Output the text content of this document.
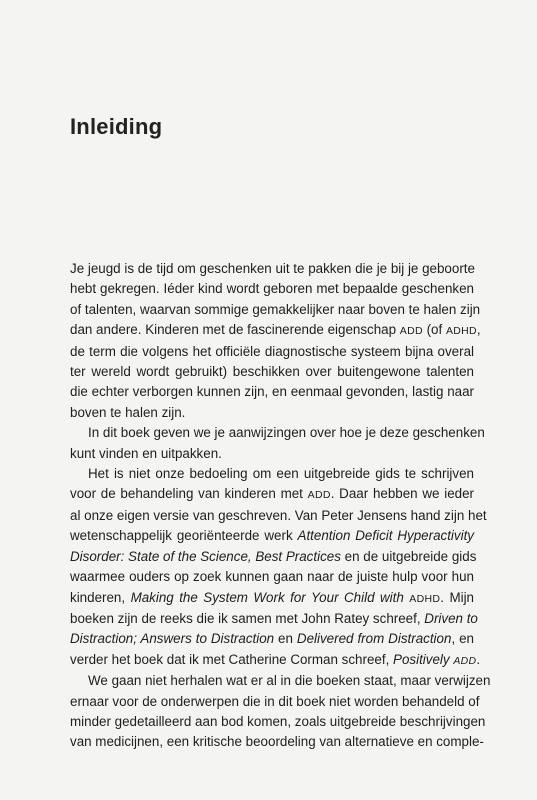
Inleiding
Je jeugd is de tijd om geschenken uit te pakken die je bij je geboorte
hebt gekregen. Iéder kind wordt geboren met bepaalde geschenken
of talenten, waarvan sommige gemakkelijker naar boven te halen zijn
dan andere. Kinderen met de fascinerende eigenschap ADD (of ADHD,
de term die volgens het officiële diagnostische systeem bijna overal
ter wereld wordt gebruikt) beschikken over buitengewone talenten
die echter verborgen kunnen zijn, en eenmaal gevonden, lastig naar
boven te halen zijn.
In dit boek geven we je aanwijzingen over hoe je deze geschenken
kunt vinden en uitpakken.
Het is niet onze bedoeling om een uitgebreide gids te schrijven
voor de behandeling van kinderen met ADD. Daar hebben we ieder
al onze eigen versie van geschreven. Van Peter Jensens hand zijn het
wetenschappelijk georiënteerde werk Attention Deficit Hyperactivity
Disorder: State of the Science, Best Practices en de uitgebreide gids
waarmee ouders op zoek kunnen gaan naar de juiste hulp voor hun
kinderen, Making the System Work for Your Child with ADHD. Mijn
boeken zijn de reeks die ik samen met John Ratey schreef, Driven to
Distraction; Answers to Distraction en Delivered from Distraction, en
verder het boek dat ik met Catherine Corman schreef, Positively ADD.
We gaan niet herhalen wat er al in die boeken staat, maar verwijzen
ernaar voor de onderwerpen die in dit boek niet worden behandeld of
minder gedetailleerd aan bod komen, zoals uitgebreide beschrijvingen
van medicijnen, een kritische beoordeling van alternatieve en comple-
